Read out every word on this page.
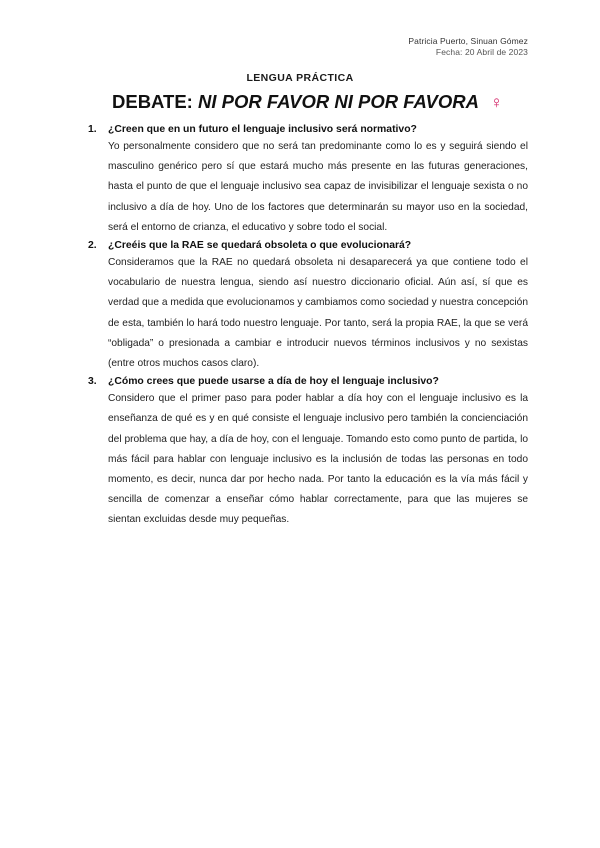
Patricia Puerto, Sinuan Gómez
Fecha: 20 Abril de 2023
LENGUA PRÁCTICA
DEBATE: NI POR FAVOR NI POR FAVORA ♀
1.	¿Creen que en un futuro el lenguaje inclusivo será normativo?
Yo personalmente considero que no será tan predominante como lo es y seguirá siendo el masculino genérico pero sí que estará mucho más presente en las futuras generaciones, hasta el punto de que el lenguaje inclusivo sea capaz de invisibilizar el lenguaje sexista o no inclusivo a día de hoy. Uno de los factores que determinarán su mayor uso en la sociedad, será el entorno de crianza, el educativo y sobre todo el social.
2.	¿Creéis que la RAE se quedará obsoleta o que evolucionará?
Consideramos que la RAE no quedará obsoleta ni desaparecerá ya que contiene todo el vocabulario de nuestra lengua, siendo así nuestro diccionario oficial. Aún así, sí que es verdad que a medida que evolucionamos y cambiamos como sociedad y nuestra concepción de esta, también lo hará todo nuestro lenguaje. Por tanto, será la propia RAE, la que se verá “obligada” o presionada a cambiar e introducir nuevos términos inclusivos y no sexistas (entre otros muchos casos claro).
3.	¿Cómo crees que puede usarse a día de hoy el lenguaje inclusivo?
Considero que el primer paso para poder hablar a día hoy con el lenguaje inclusivo es la enseñanza de qué es y en qué consiste el lenguaje inclusivo pero también la concienciación del problema que hay, a día de hoy, con el lenguaje. Tomando esto como punto de partida, lo más fácil para hablar con lenguaje inclusivo es la inclusión de todas las personas en todo momento, es decir, nunca dar por hecho nada. Por tanto la educación es la vía más fácil y sencilla de comenzar a enseñar cómo hablar correctamente, para que las mujeres se sientan excluidas desde muy pequeñas.
